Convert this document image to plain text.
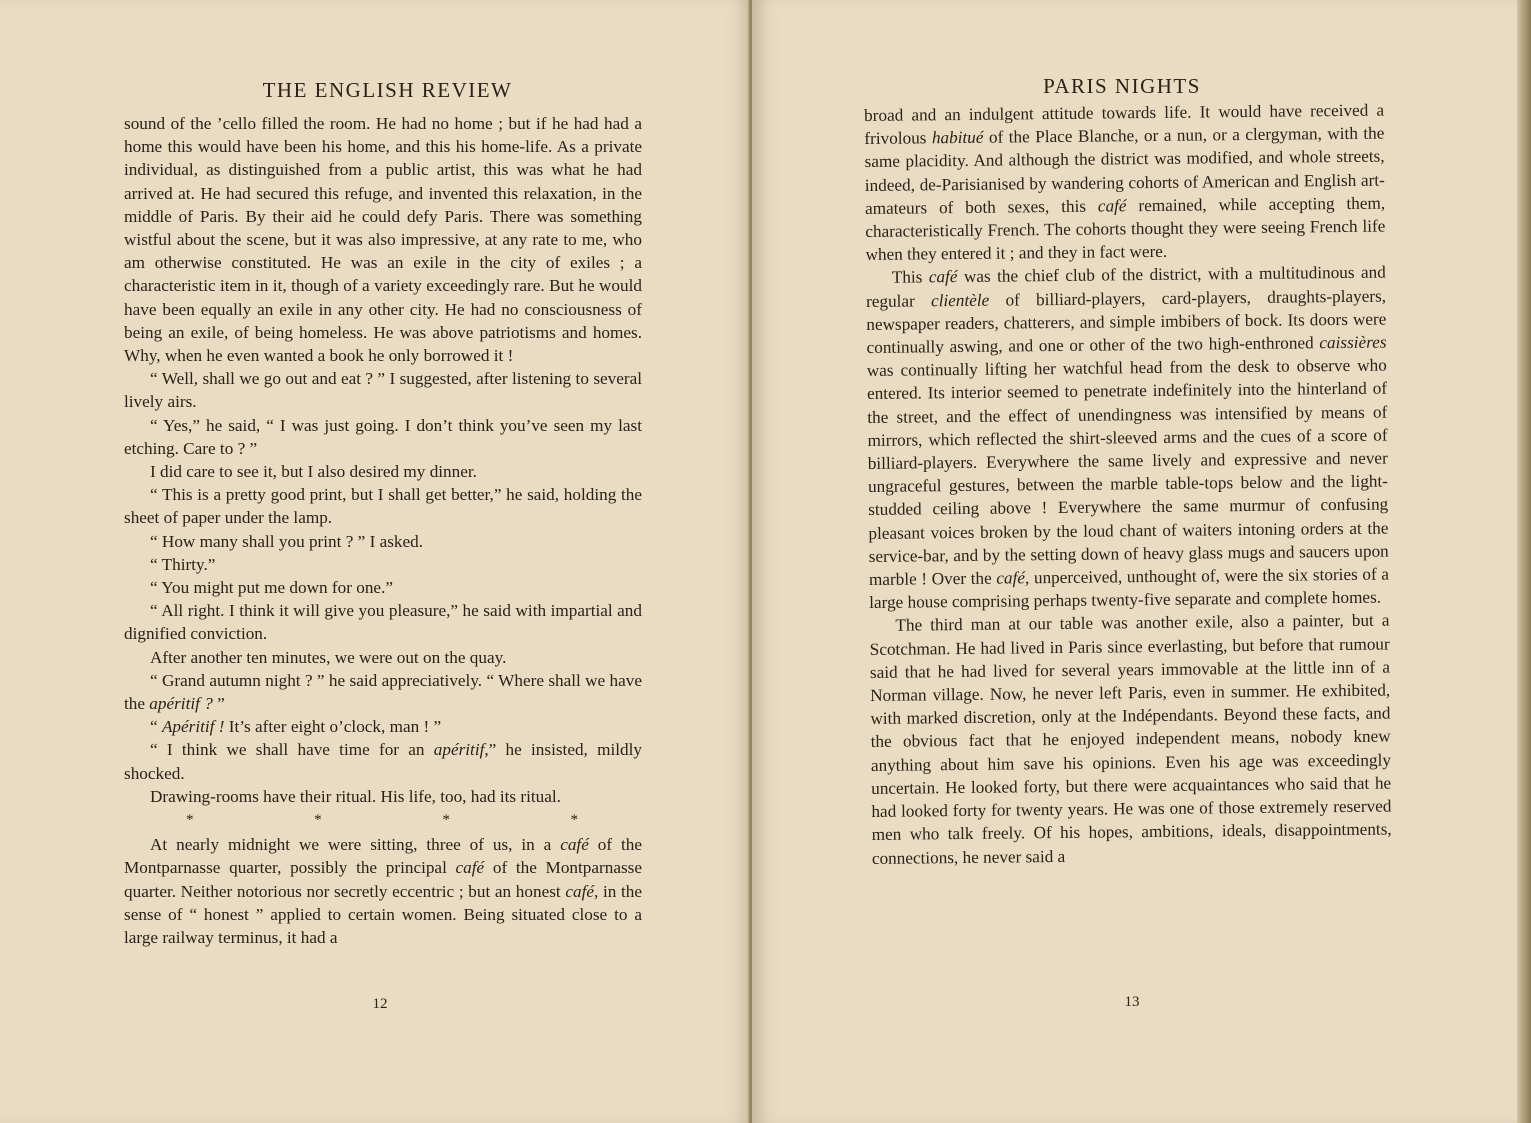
THE ENGLISH REVIEW

sound of the ’cello filled the room. He had no home ; but if he had had a home this would have been his home, and this his home-life. As a private individual, as distinguished from a public artist, this was what he had arrived at. He had secured this refuge, and invented this relaxation, in the middle of Paris. By their aid he could defy Paris. There was something wistful about the scene, but it was also impressive, at any rate to me, who am otherwise constituted. He was an exile in the city of exiles ; a characteristic item in it, though of a variety exceedingly rare. But he would have been equally an exile in any other city. He had no consciousness of being an exile, of being homeless. He was above patriotisms and homes. Why, when he even wanted a book he only borrowed it !

“ Well, shall we go out and eat ? ” I suggested, after listening to several lively airs.

“ Yes,” he said, “ I was just going. I don’t think you’ve seen my last etching. Care to ? ”

I did care to see it, but I also desired my dinner.

“ This is a pretty good print, but I shall get better,” he said, holding the sheet of paper under the lamp.

“ How many shall you print ? ” I asked.

“ Thirty.”

“ You might put me down for one.”

“ All right. I think it will give you pleasure,” he said with impartial and dignified conviction.

After another ten minutes, we were out on the quay.

“ Grand autumn night ? ” he said appreciatively. “ Where shall we have the apéritif ? ”

“ Apéritif ! It’s after eight o’clock, man ! ”

“ I think we shall have time for an apéritif,” he insisted, mildly shocked.

Drawing-rooms have their ritual. His life, too, had its ritual.

*	*	*	*

At nearly midnight we were sitting, three of us, in a café of the Montparnasse quarter, possibly the principal café of the Montparnasse quarter. Neither notorious nor secretly eccentric ; but an honest café, in the sense of “ honest ” applied to certain women. Being situated close to a large railway terminus, it had a

12
PARIS NIGHTS

broad and an indulgent attitude towards life. It would have received a frivolous habitué of the Place Blanche, or a nun, or a clergyman, with the same placidity. And although the district was modified, and whole streets, indeed, de-Parisianised by wandering cohorts of American and English art-amateurs of both sexes, this café remained, while accepting them, characteristically French. The cohorts thought they were seeing French life when they entered it ; and they in fact were.

This café was the chief club of the district, with a multitudinous and regular clientèle of billiard-players, card-players, draughts-players, newspaper readers, chatterers, and simple imbibers of bock. Its doors were continually aswing, and one or other of the two high-enthroned caissières was continually lifting her watchful head from the desk to observe who entered. Its interior seemed to penetrate indefinitely into the hinterland of the street, and the effect of unendingness was intensified by means of mirrors, which reflected the shirt-sleeved arms and the cues of a score of billiard-players. Everywhere the same lively and expressive and never ungraceful gestures, between the marble table-tops below and the light-studded ceiling above ! Everywhere the same murmur of confusing pleasant voices broken by the loud chant of waiters intoning orders at the service-bar, and by the setting down of heavy glass mugs and saucers upon marble ! Over the café, unperceived, unthought of, were the six stories of a large house comprising perhaps twenty-five separate and complete homes.

The third man at our table was another exile, also a painter, but a Scotchman. He had lived in Paris since everlasting, but before that rumour said that he had lived for several years immovable at the little inn of a Norman village. Now, he never left Paris, even in summer. He exhibited, with marked discretion, only at the Indépendants. Beyond these facts, and the obvious fact that he enjoyed independent means, nobody knew anything about him save his opinions. Even his age was exceedingly uncertain. He looked forty, but there were acquaintances who said that he had looked forty for twenty years. He was one of those extremely reserved men who talk freely. Of his hopes, ambitions, ideals, disappointments, connections, he never said a

13
